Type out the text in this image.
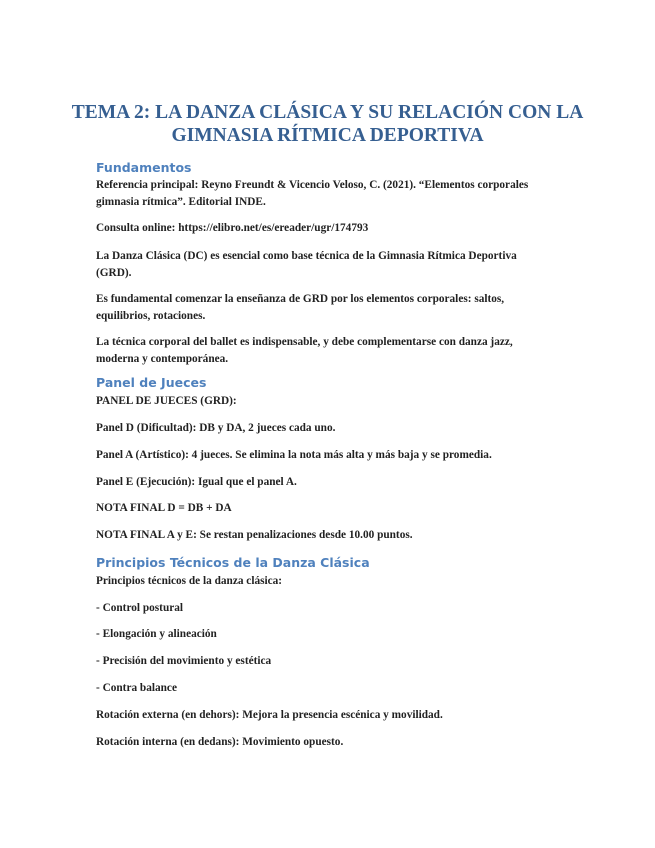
TEMA 2: LA DANZA CLÁSICA Y SU RELACIÓN CON LA GIMNASIA RÍTMICA DEPORTIVA
Fundamentos
Referencia principal: Reyno Freundt & Vicencio Veloso, C. (2021). “Elementos corporales gimnasia rítmica”. Editorial INDE.
Consulta online: https://elibro.net/es/ereader/ugr/174793
La Danza Clásica (DC) es esencial como base técnica de la Gimnasia Rítmica Deportiva (GRD).
Es fundamental comenzar la enseñanza de GRD por los elementos corporales: saltos, equilibrios, rotaciones.
La técnica corporal del ballet es indispensable, y debe complementarse con danza jazz, moderna y contemporánea.
Panel de Jueces
PANEL DE JUECES (GRD):
Panel D (Dificultad): DB y DA, 2 jueces cada uno.
Panel A (Artístico): 4 jueces. Se elimina la nota más alta y más baja y se promedia.
Panel E (Ejecución): Igual que el panel A.
NOTA FINAL D = DB + DA
NOTA FINAL A y E: Se restan penalizaciones desde 10.00 puntos.
Principios Técnicos de la Danza Clásica
Principios técnicos de la danza clásica:
- Control postural
- Elongación y alineación
- Precisión del movimiento y estética
- Contra balance
Rotación externa (en dehors): Mejora la presencia escénica y movilidad.
Rotación interna (en dedans): Movimiento opuesto.
